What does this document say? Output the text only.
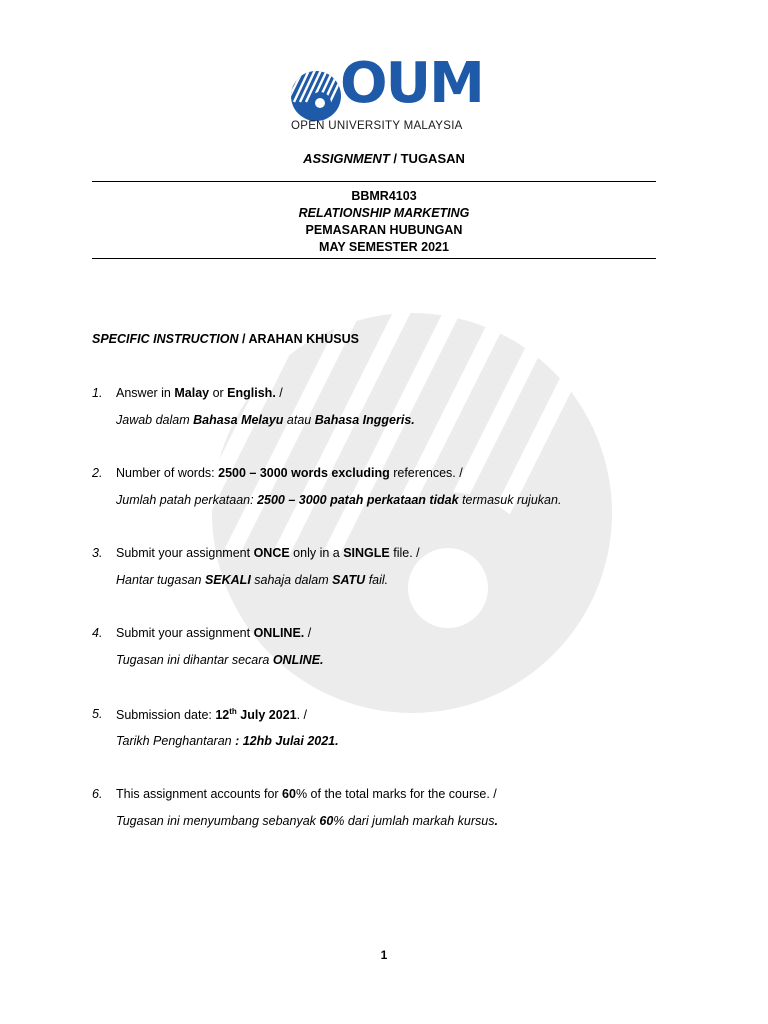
OUM
OPEN UNIVERSITY MALAYSIA
ASSIGNMENT / TUGASAN
BBMR4103
RELATIONSHIP MARKETING
PEMASARAN HUBUNGAN
MAY SEMESTER 2021
SPECIFIC INSTRUCTION / ARAHAN KHUSUS
1. Answer in Malay or English. /
Jawab dalam Bahasa Melayu atau Bahasa Inggeris.
2. Number of words: 2500 – 3000 words excluding references. /
Jumlah patah perkataan: 2500 – 3000 patah perkataan tidak termasuk rujukan.
3. Submit your assignment ONCE only in a SINGLE file. /
Hantar tugasan SEKALI sahaja dalam SATU fail.
4. Submit your assignment ONLINE. /
Tugasan ini dihantar secara ONLINE.
5. Submission date: 12th July 2021. /
Tarikh Penghantaran : 12hb Julai 2021.
6. This assignment accounts for 60% of the total marks for the course. /
Tugasan ini menyumbang sebanyak 60% dari jumlah markah kursus.
1
